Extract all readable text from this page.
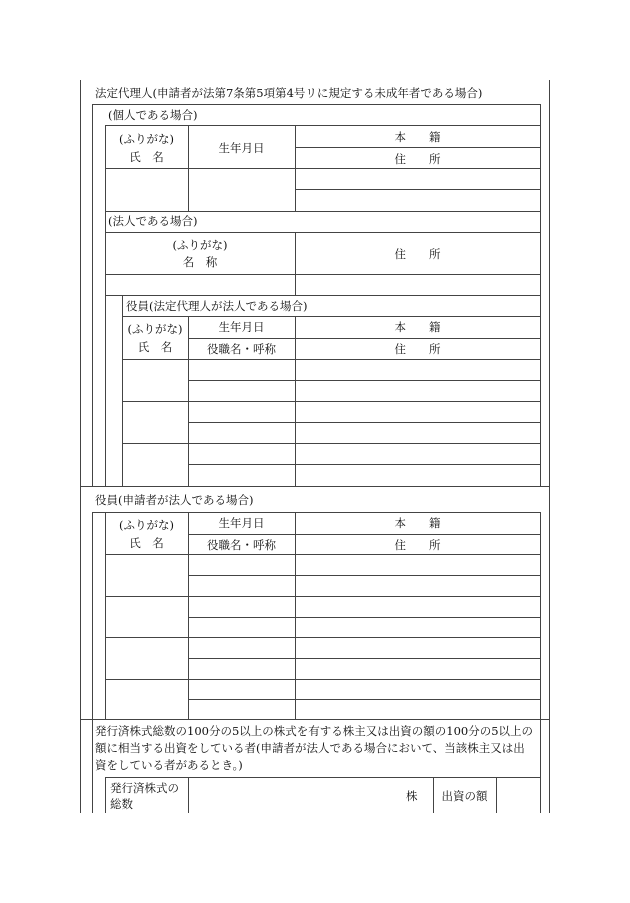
法定代理人(申請者が法第7条第5項第4号リに規定する未成年者である場合)
(個人である場合)
(ふりがな)
氏　名
生年月日
本　　籍
住　　所
(法人である場合)
(ふりがな)
名　称
住　　所
役員(法定代理人が法人である場合)
(ふりがな)
氏　名
生年月日
役職名・呼称
本　　籍
住　　所
役員(申請者が法人である場合)
(ふりがな)
氏　名
生年月日
役職名・呼称
本　　籍
住　　所
発行済株式総数の100分の5以上の株式を有する株主又は出資の額の100分の5以上の
額に相当する出資をしている者(申請者が法人である場合において、当該株主又は出
資をしている者があるとき。)
発行済株式の
総数
株	出資の額
